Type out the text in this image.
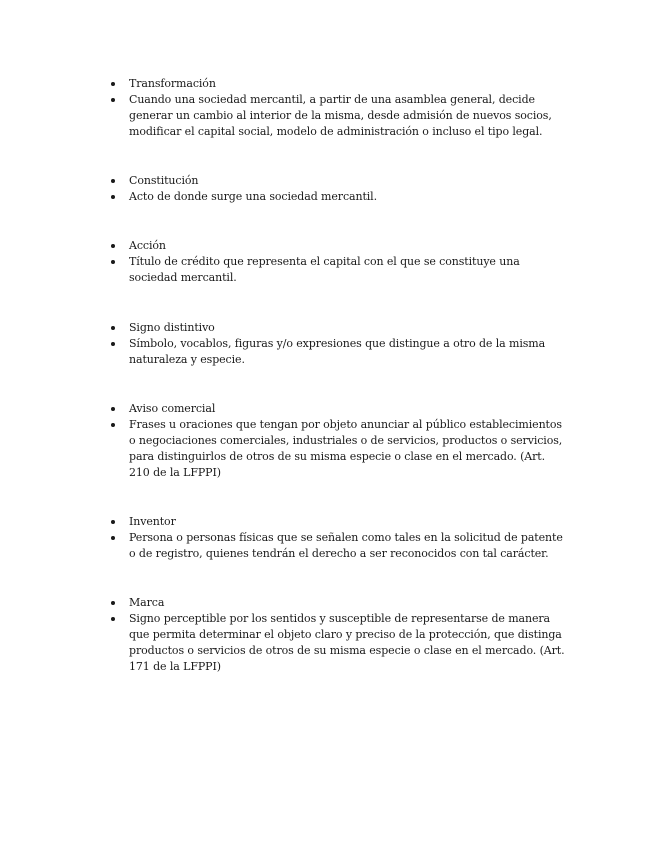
Transformación
Cuando una sociedad mercantil, a partir de una asamblea general, decide generar un cambio al interior de la misma, desde admisión de nuevos socios, modificar el capital social, modelo de administración o incluso el tipo legal.
Constitución
Acto de donde surge una sociedad mercantil.
Acción
Título de crédito que representa el capital con el que se constituye una sociedad mercantil.
Signo distintivo
Símbolo, vocablos, figuras y/o expresiones que distingue a otro de la misma naturaleza y especie.
Aviso comercial
Frases u oraciones que tengan por objeto anunciar al público establecimientos o negociaciones comerciales, industriales o de servicios, productos o servicios, para distinguirlos de otros de su misma especie o clase en el mercado. (Art. 210 de la LFPPI)
Inventor
Persona o personas físicas que se señalen como tales en la solicitud de patente o de registro, quienes tendrán el derecho a ser reconocidos con tal carácter.
Marca
Signo perceptible por los sentidos y susceptible de representarse de manera que permita determinar el objeto claro y preciso de la protección, que distinga productos o servicios de otros de su misma especie o clase en el mercado. (Art. 171 de la LFPPI)
